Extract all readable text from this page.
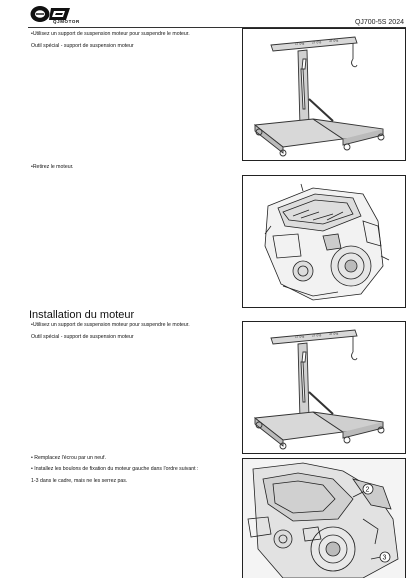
QJMOTOR	QJ700-5S 2024
•Utilisez un support de suspension moteur pour suspendre le moteur.
Outil spécial - support de suspension moteur
•Retirez le moteur.
Installation du moteur
•Utilisez un support de suspension moteur pour suspendre le moteur.
Outil spécial - support de suspension moteur
• Remplacez l'écrou par un neuf.
• Installez les boulons de fixation du moteur gauche dans l'ordre suivant :
1-3 dans le cadre, mais ne les serrez pas.
1T 0% 2T 0% 3T 0%
1T 0% 2T 0% 3T 0%
2
3
